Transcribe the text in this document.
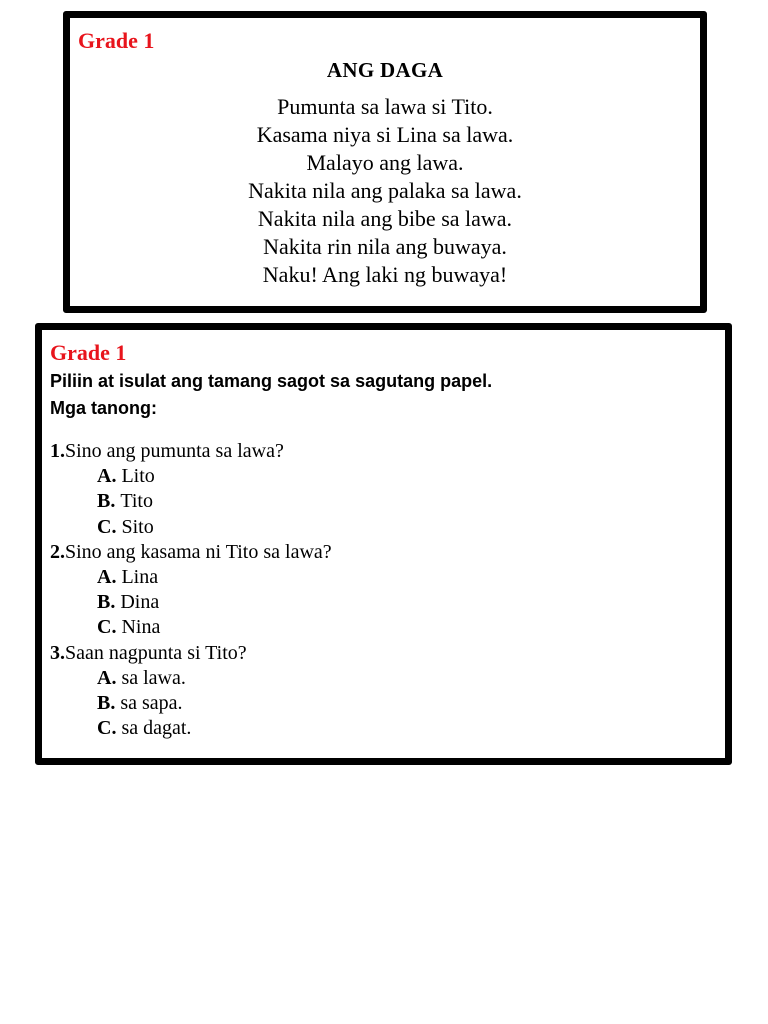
Grade 1
ANG DAGA
Pumunta sa lawa si Tito.
Kasama niya si Lina sa lawa.
Malayo ang lawa.
Nakita nila ang palaka sa lawa.
Nakita nila ang bibe sa lawa.
Nakita rin nila ang buwaya.
Naku! Ang laki ng buwaya!
Grade 1
Piliin at isulat ang tamang sagot sa sagutang papel.
Mga tanong:
1.Sino ang pumunta sa lawa?
A. Lito
B. Tito
C. Sito
2.Sino ang kasama ni Tito sa lawa?
A. Lina
B. Dina
C. Nina
3.Saan nagpunta si Tito?
A. sa lawa.
B. sa sapa.
C. sa dagat.
